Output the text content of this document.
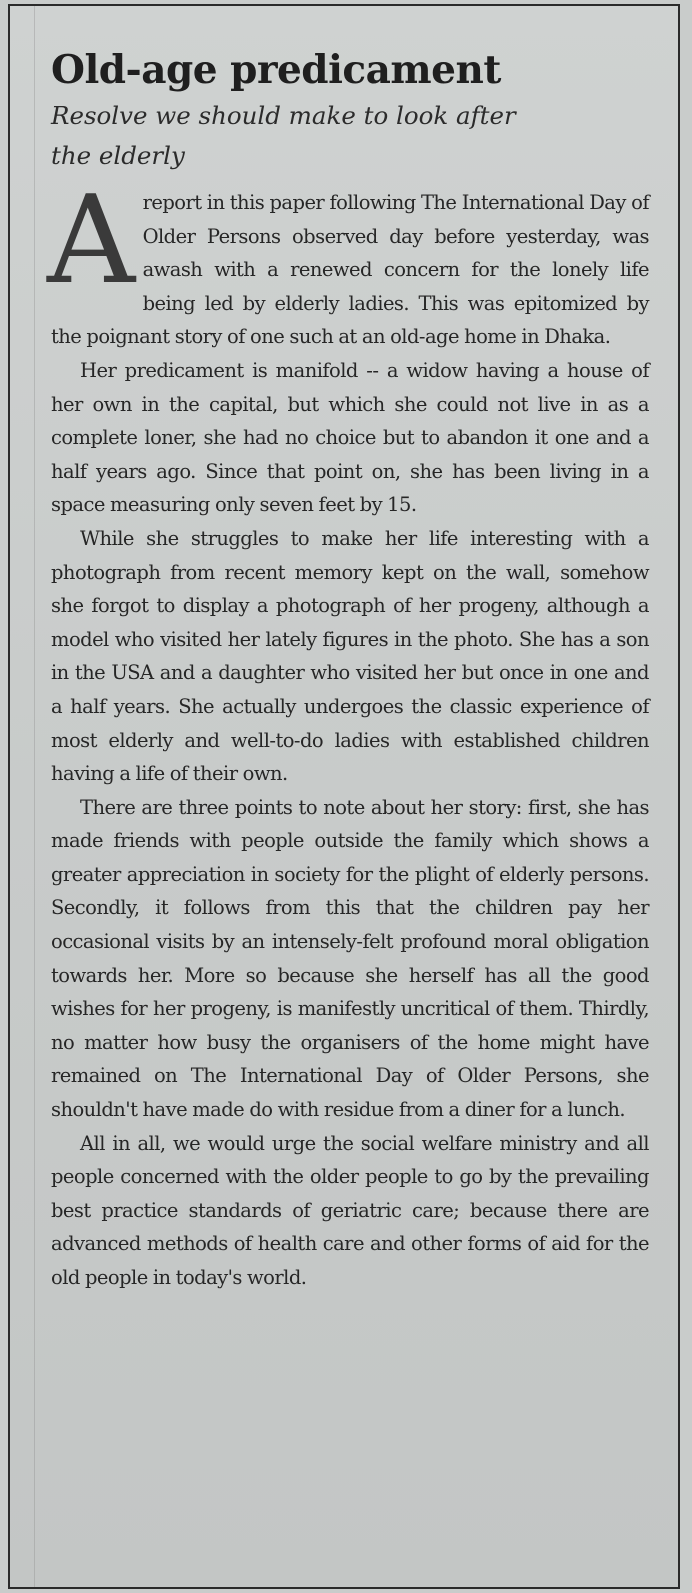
Old-age predicament
Resolve we should make to look after the elderly

A report in this paper following The International Day of Older Persons observed day before yesterday, was awash with a renewed concern for the lonely life being led by elderly ladies. This was epitomized by the poignant story of one such at an old-age home in Dhaka.

Her predicament is manifold -- a widow having a house of her own in the capital, but which she could not live in as a complete loner, she had no choice but to abandon it one and a half years ago. Since that point on, she has been living in a space measuring only seven feet by 15.

While she struggles to make her life interesting with a photograph from recent memory kept on the wall, somehow she forgot to display a photograph of her progeny, although a model who visited her lately figures in the photo. She has a son in the USA and a daughter who visited her but once in one and a half years. She actually undergoes the classic experience of most elderly and well-to-do ladies with established children having a life of their own.

There are three points to note about her story: first, she has made friends with people outside the family which shows a greater appreciation in society for the plight of elderly persons. Secondly, it follows from this that the children pay her occasional visits by an intensely-felt profound moral obligation towards her. More so because she herself has all the good wishes for her progeny, is manifestly uncritical of them. Thirdly, no matter how busy the organisers of the home might have remained on The International Day of Older Persons, she shouldn't have made do with residue from a diner for a lunch.

All in all, we would urge the social welfare ministry and all people concerned with the older people to go by the prevailing best practice standards of geriatric care; because there are advanced methods of health care and other forms of aid for the old people in today's world.
